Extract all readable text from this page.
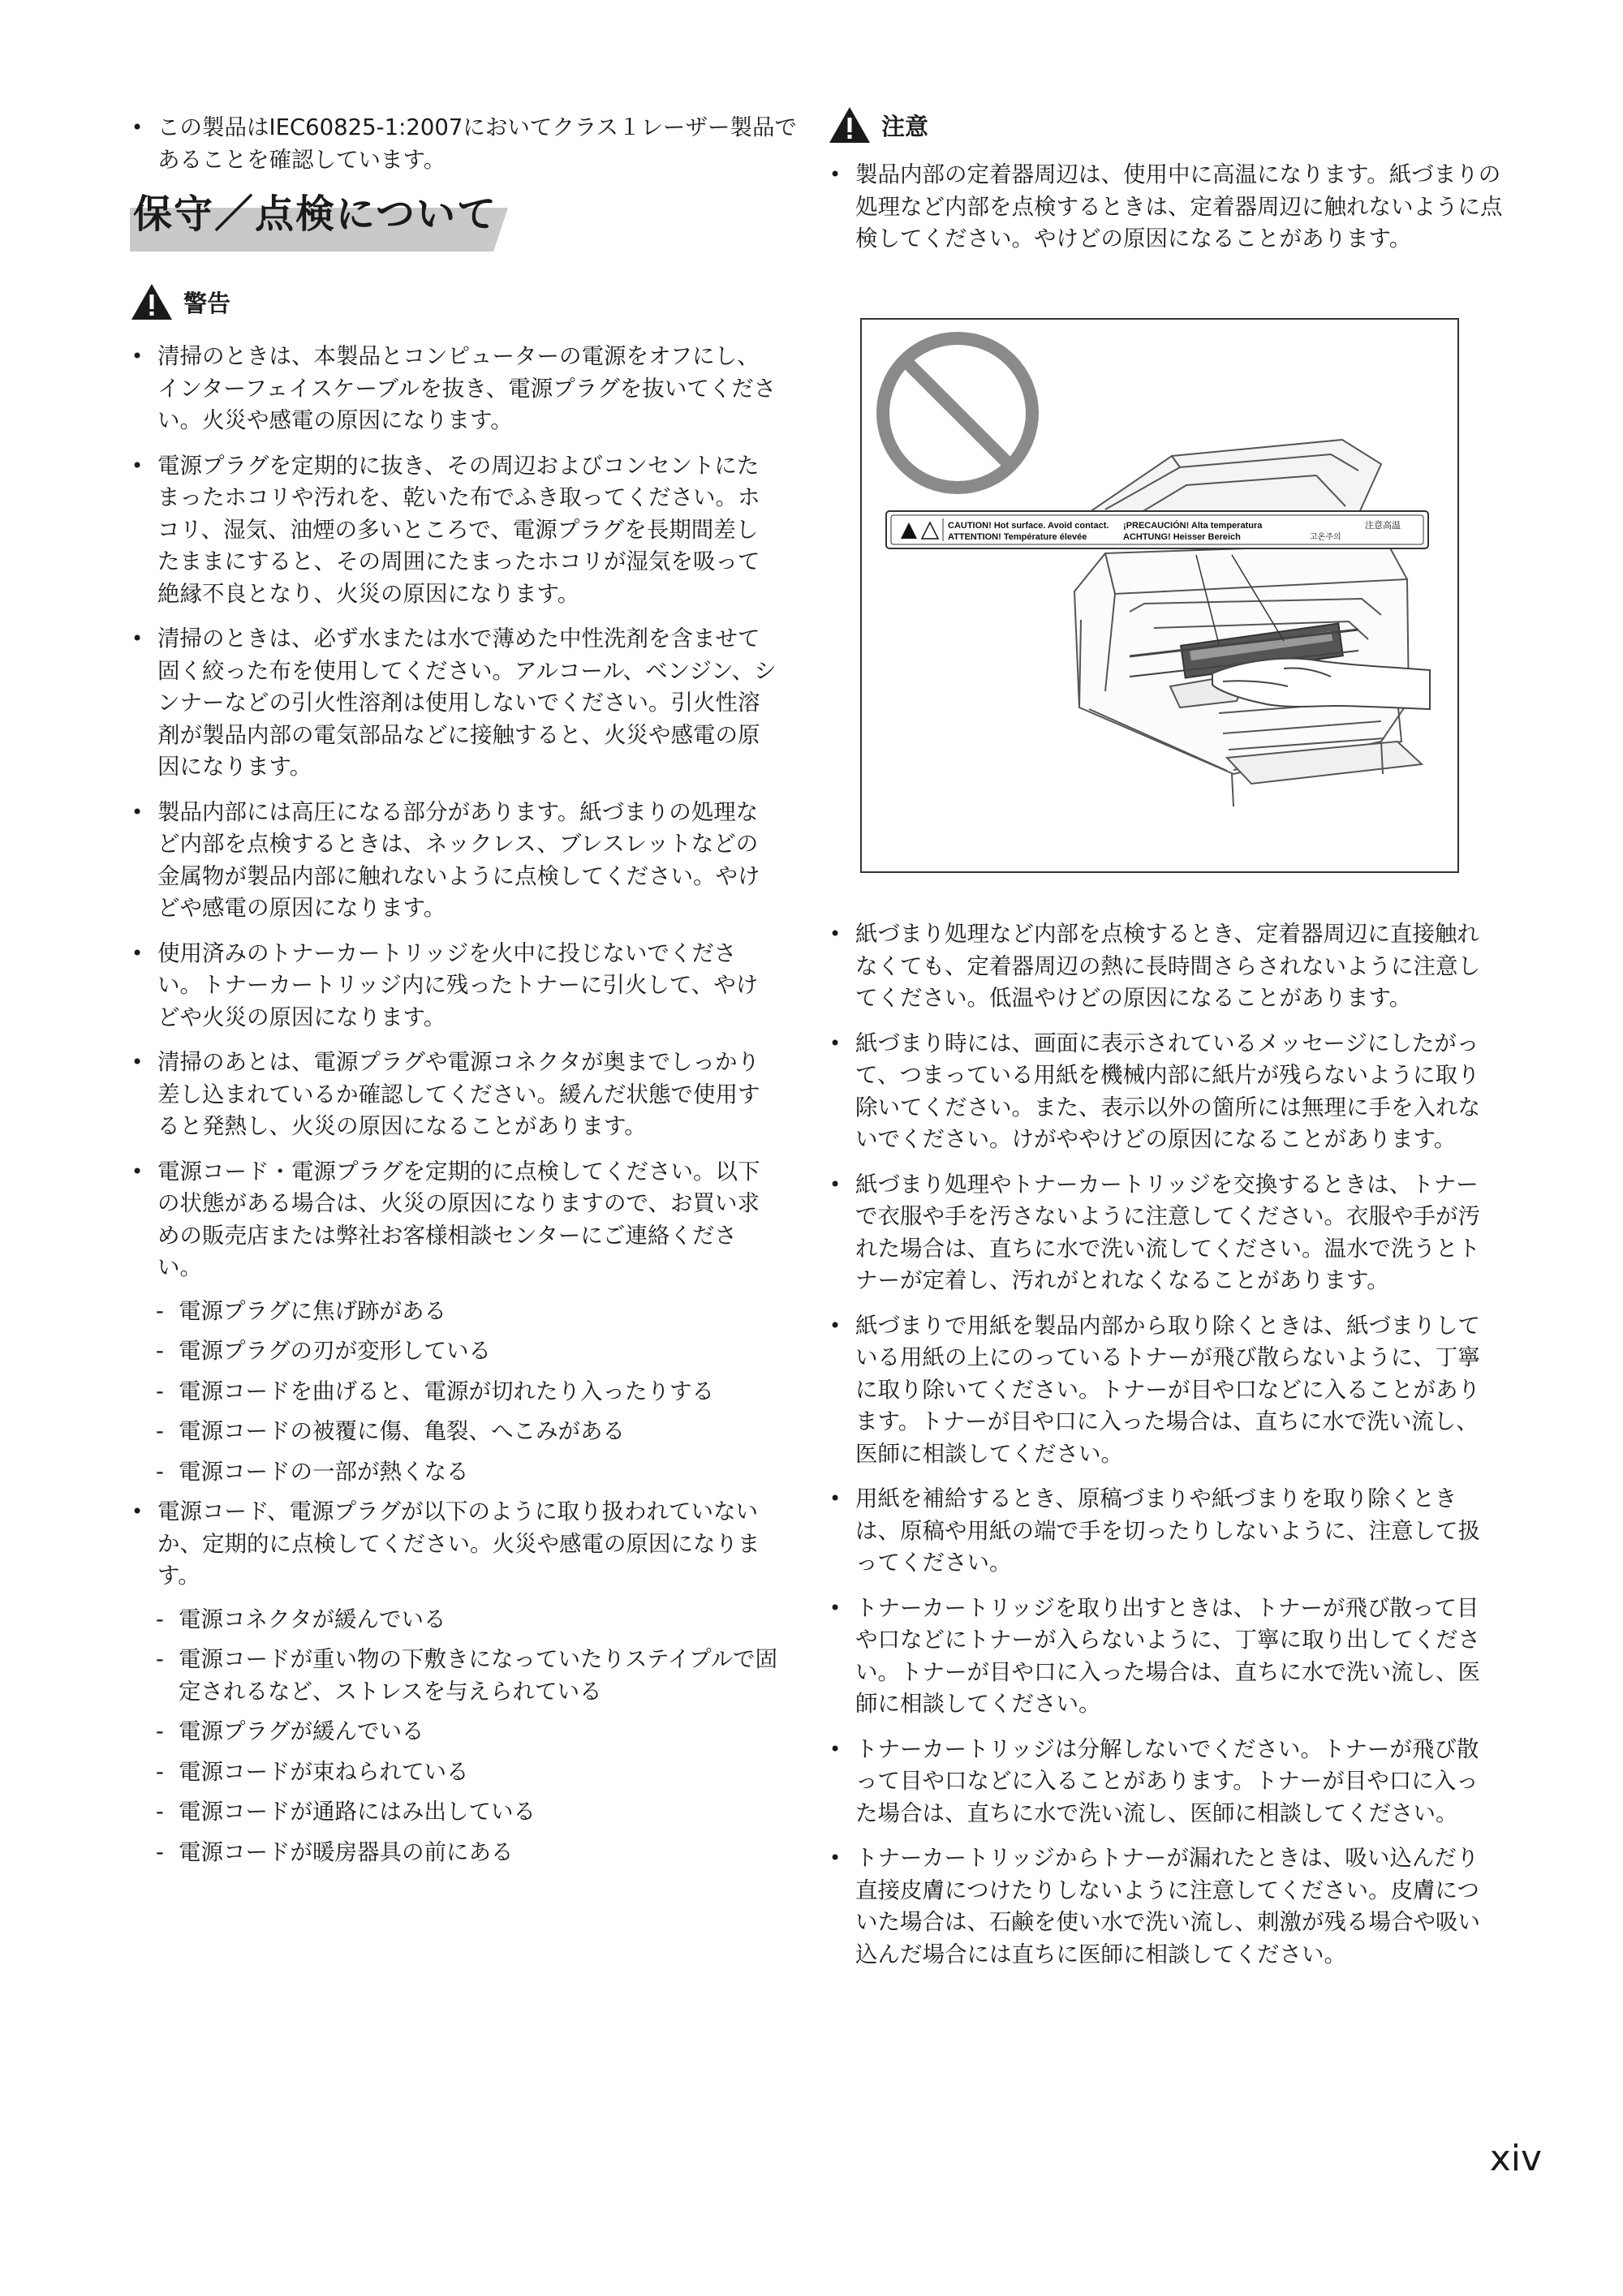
• この製品はIEC60825-1:2007においてクラス１レーザー製品であることを確認しています。
保守／点検について
警告
• 清掃のときは、本製品とコンピューターの電源をオフにし、インターフェイスケーブルを抜き、電源プラグを抜いてください。火災や感電の原因になります。
• 電源プラグを定期的に抜き、その周辺およびコンセントにたまったホコリや汚れを、乾いた布でふき取ってください。ホコリ、湿気、油煙の多いところで、電源プラグを長期間差したままにすると、その周囲にたまったホコリが湿気を吸って絶縁不良となり、火災の原因になります。
• 清掃のときは、必ず水または水で薄めた中性洗剤を含ませて固く絞った布を使用してください。アルコール、ベンジン、シンナーなどの引火性溶剤は使用しないでください。引火性溶剤が製品内部の電気部品などに接触すると、火災や感電の原因になります。
• 製品内部には高圧になる部分があります。紙づまりの処理など内部を点検するときは、ネックレス、ブレスレットなどの金属物が製品内部に触れないように点検してください。やけどや感電の原因になります。
• 使用済みのトナーカートリッジを火中に投じないでください。トナーカートリッジ内に残ったトナーに引火して、やけどや火災の原因になります。
• 清掃のあとは、電源プラグや電源コネクタが奥までしっかり差し込まれているか確認してください。緩んだ状態で使用すると発熱し、火災の原因になることがあります。
• 電源コード・電源プラグを定期的に点検してください。以下の状態がある場合は、火災の原因になりますので、お買い求めの販売店または弊社お客様相談センターにご連絡ください。
- 電源プラグに焦げ跡がある
- 電源プラグの刃が変形している
- 電源コードを曲げると、電源が切れたり入ったりする
- 電源コードの被覆に傷、亀裂、へこみがある
- 電源コードの一部が熱くなる
• 電源コード、電源プラグが以下のように取り扱われていないか、定期的に点検してください。火災や感電の原因になります。
- 電源コネクタが緩んでいる
- 電源コードが重い物の下敷きになっていたりステイプルで固定されるなど、ストレスを与えられている
- 電源プラグが緩んでいる
- 電源コードが束ねられている
- 電源コードが通路にはみ出している
- 電源コードが暖房器具の前にある
注意
• 製品内部の定着器周辺は、使用中に高温になります。紙づまりの処理など内部を点検するときは、定着器周辺に触れないように点検してください。やけどの原因になることがあります。
CAUTION! Hot surface. Avoid contact.
ATTENTION! Température élevée
¡PRECAUCIÓN! Alta temperatura
ACHTUNG! Heisser Bereich
注意高温
고온주의
• 紙づまり処理など内部を点検するとき、定着器周辺に直接触れなくても、定着器周辺の熱に長時間さらされないように注意してください。低温やけどの原因になることがあります。
• 紙づまり時には、画面に表示されているメッセージにしたがって、つまっている用紙を機械内部に紙片が残らないように取り除いてください。また、表示以外の箇所には無理に手を入れないでください。けがややけどの原因になることがあります。
• 紙づまり処理やトナーカートリッジを交換するときは、トナーで衣服や手を汚さないように注意してください。衣服や手が汚れた場合は、直ちに水で洗い流してください。温水で洗うとトナーが定着し、汚れがとれなくなることがあります。
• 紙づまりで用紙を製品内部から取り除くときは、紙づまりしている用紙の上にのっているトナーが飛び散らないように、丁寧に取り除いてください。トナーが目や口などに入ることがあります。トナーが目や口に入った場合は、直ちに水で洗い流し、医師に相談してください。
• 用紙を補給するとき、原稿づまりや紙づまりを取り除くときは、原稿や用紙の端で手を切ったりしないように、注意して扱ってください。
• トナーカートリッジを取り出すときは、トナーが飛び散って目や口などにトナーが入らないように、丁寧に取り出してください。トナーが目や口に入った場合は、直ちに水で洗い流し、医師に相談してください。
• トナーカートリッジは分解しないでください。トナーが飛び散って目や口などに入ることがあります。トナーが目や口に入った場合は、直ちに水で洗い流し、医師に相談してください。
• トナーカートリッジからトナーが漏れたときは、吸い込んだり直接皮膚につけたりしないように注意してください。皮膚についた場合は、石鹸を使い水で洗い流し、刺激が残る場合や吸い込んだ場合には直ちに医師に相談してください。
xiv
